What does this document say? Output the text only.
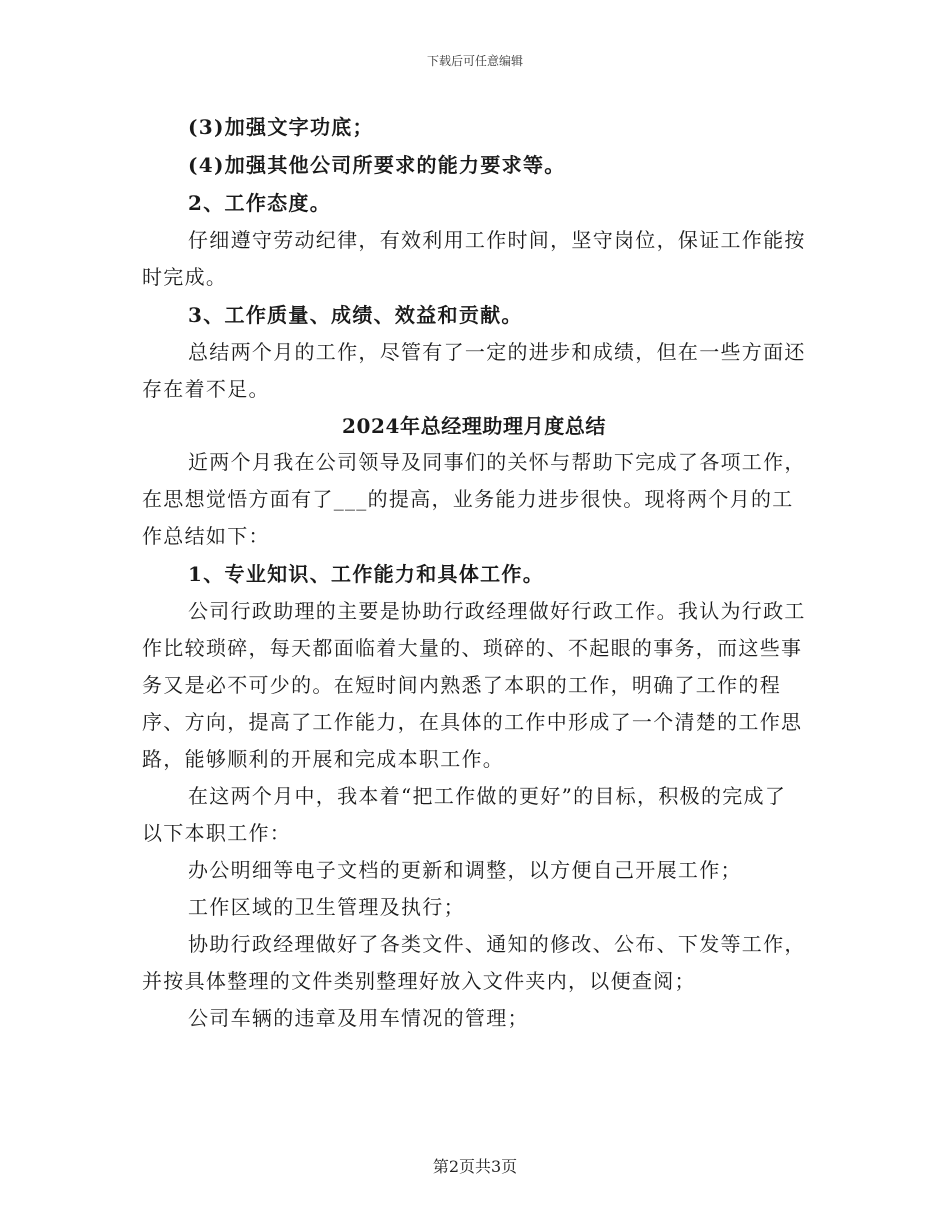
下载后可任意编辑

(3)加强文字功底；

(4)加强其他公司所要求的能力要求等。

2、工作态度。

仔细遵守劳动纪律，有效利用工作时间，坚守岗位，保证工作能按时完成。

3、工作质量、成绩、效益和贡献。

总结两个月的工作，尽管有了一定的进步和成绩，但在一些方面还存在着不足。

2024年总经理助理月度总结

近两个月我在公司领导及同事们的关怀与帮助下完成了各项工作，在思想觉悟方面有了___的提高，业务能力进步很快。现将两个月的工作总结如下：

1、专业知识、工作能力和具体工作。

公司行政助理的主要是协助行政经理做好行政工作。我认为行政工作比较琐碎，每天都面临着大量的、琐碎的、不起眼的事务，而这些事务又是必不可少的。在短时间内熟悉了本职的工作，明确了工作的程序、方向，提高了工作能力，在具体的工作中形成了一个清楚的工作思路，能够顺利的开展和完成本职工作。

在这两个月中，我本着“把工作做的更好”的目标，积极的完成了以下本职工作：

办公明细等电子文档的更新和调整，以方便自己开展工作；

工作区域的卫生管理及执行；

协助行政经理做好了各类文件、通知的修改、公布、下发等工作，并按具体整理的文件类别整理好放入文件夹内，以便查阅；

公司车辆的违章及用车情况的管理；

第2页共3页
